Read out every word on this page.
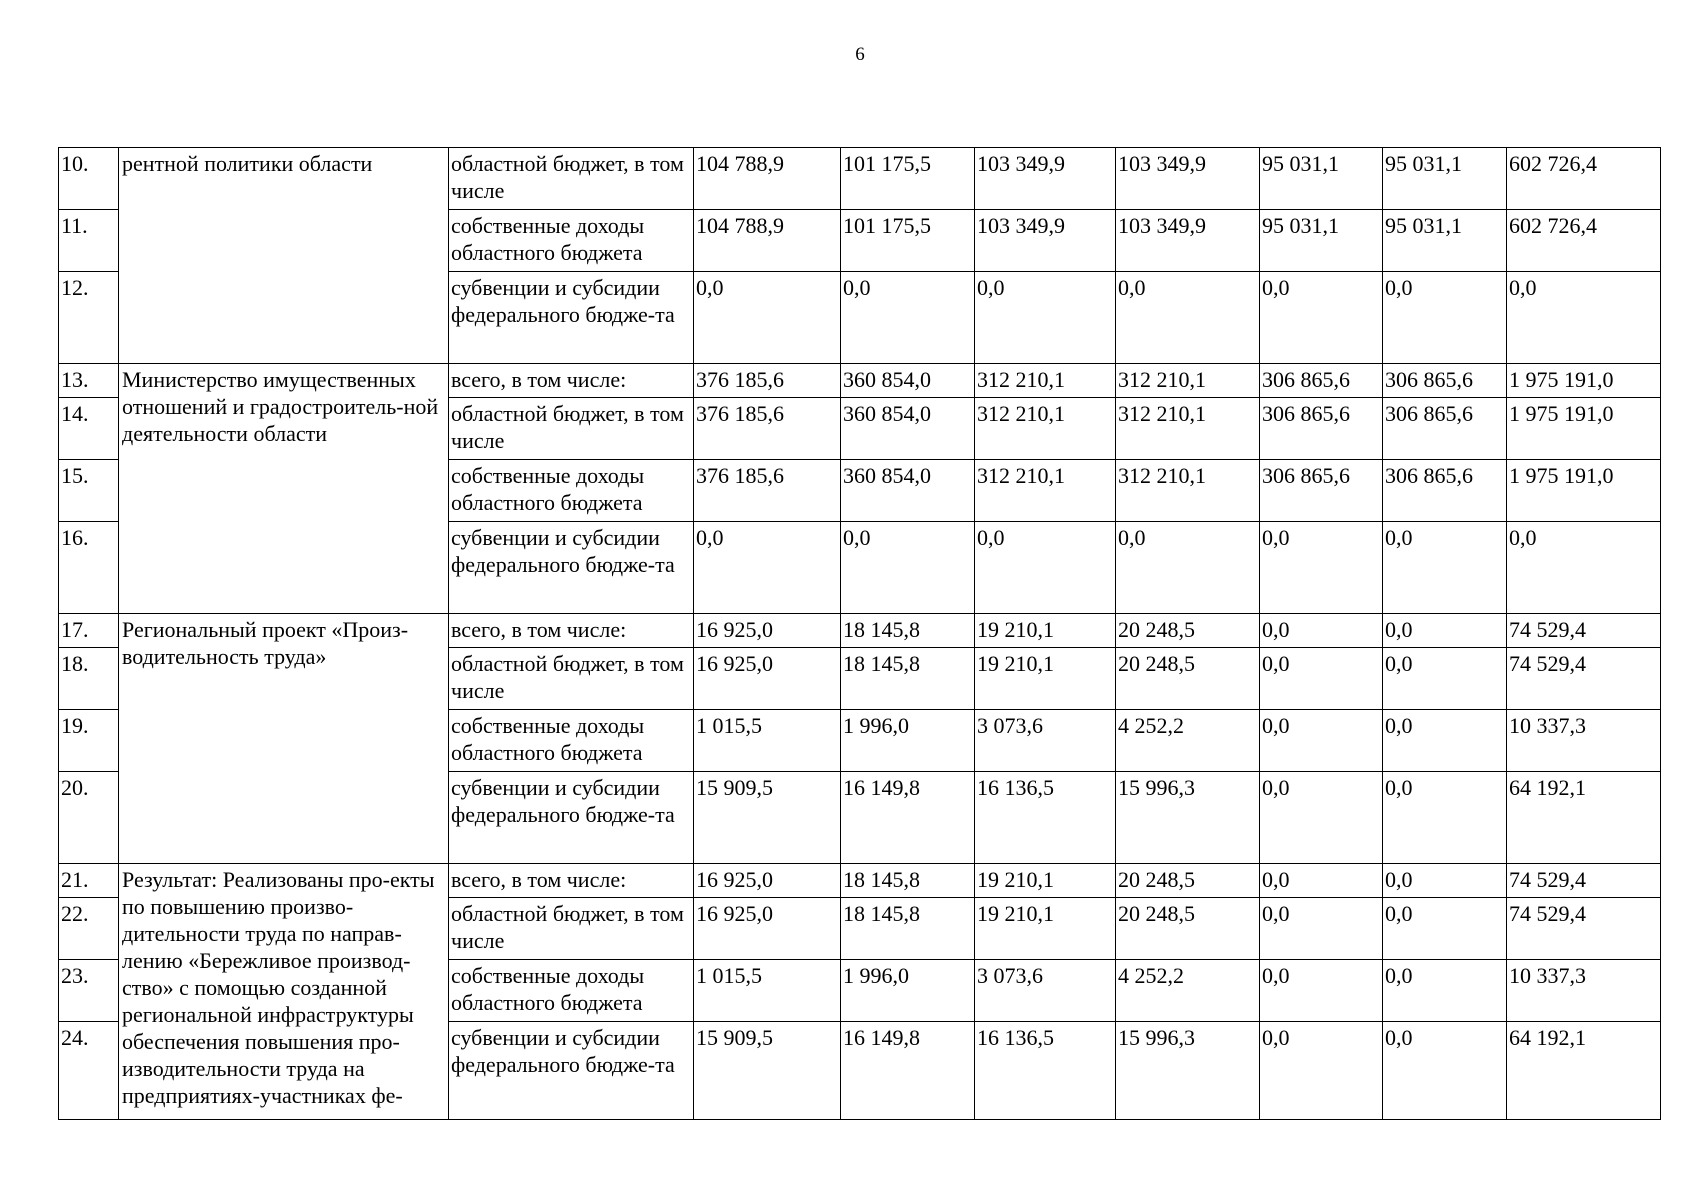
6
10.	рентной политики области	областной бюджет, в том числе	104 788,9	101 175,5	103 349,9	103 349,9	95 031,1	95 031,1	602 726,4
11.		собственные доходы областного бюджета	104 788,9	101 175,5	103 349,9	103 349,9	95 031,1	95 031,1	602 726,4
12.		субвенции и субсидии федерального бюдже-та	0,0	0,0	0,0	0,0	0,0	0,0	0,0
13.	Министерство имущественных отношений и градостроитель-ной деятельности области	всего, в том числе:	376 185,6	360 854,0	312 210,1	312 210,1	306 865,6	306 865,6	1 975 191,0
14.		областной бюджет, в том числе	376 185,6	360 854,0	312 210,1	312 210,1	306 865,6	306 865,6	1 975 191,0
15.		собственные доходы областного бюджета	376 185,6	360 854,0	312 210,1	312 210,1	306 865,6	306 865,6	1 975 191,0
16.		субвенции и субсидии федерального бюдже-та	0,0	0,0	0,0	0,0	0,0	0,0	0,0
17.	Региональный проект «Произ-водительность труда»	всего, в том числе:	16 925,0	18 145,8	19 210,1	20 248,5	0,0	0,0	74 529,4
18.		областной бюджет, в том числе	16 925,0	18 145,8	19 210,1	20 248,5	0,0	0,0	74 529,4
19.		собственные доходы областного бюджета	1 015,5	1 996,0	3 073,6	4 252,2	0,0	0,0	10 337,3
20.		субвенции и субсидии федерального бюдже-та	15 909,5	16 149,8	16 136,5	15 996,3	0,0	0,0	64 192,1
21.	Результат: Реализованы про-екты по повышению произво-дительности труда по направ-лению «Бережливое производ-ство» с помощью созданной региональной инфраструктуры обеспечения повышения про-изводительности труда на предприятиях-участниках фе-	всего, в том числе:	16 925,0	18 145,8	19 210,1	20 248,5	0,0	0,0	74 529,4
22.		областной бюджет, в том числе	16 925,0	18 145,8	19 210,1	20 248,5	0,0	0,0	74 529,4
23.		собственные доходы областного бюджета	1 015,5	1 996,0	3 073,6	4 252,2	0,0	0,0	10 337,3
24.		субвенции и субсидии федерального бюдже-та	15 909,5	16 149,8	16 136,5	15 996,3	0,0	0,0	64 192,1
